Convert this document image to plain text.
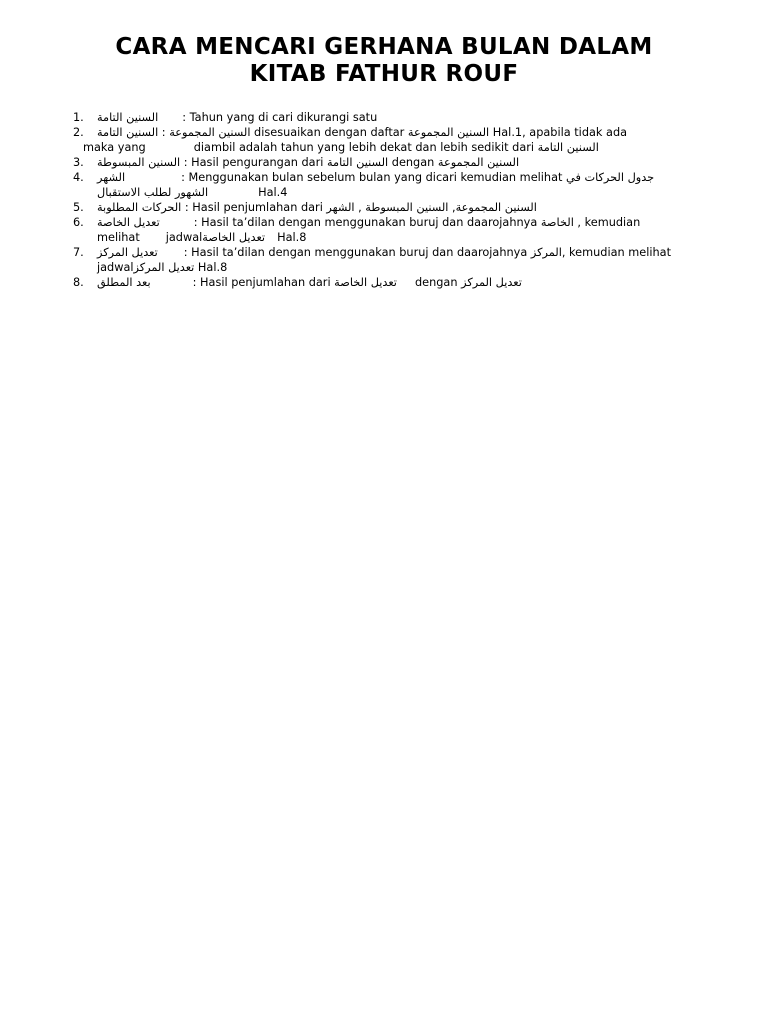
CARA MENCARI GERHANA BULAN DALAM
KITAB FATHUR ROUF
1. السنين التامة : Tahun yang di cari dikurangi satu
2. السنين التامة : السنين المجموعة disesuaikan dengan daftar السنين المجموعة Hal.1, apabila tidak ada
maka yang	diambil adalah tahun yang lebih dekat dan lebih sedikit dari السنين التامة
3. السنين المبسوطة : Hasil pengurangan dari السنين التامة dengan السنين المجموعة
4. الشهر	: Menggunakan bulan sebelum bulan yang dicari kemudian melihat جدول الحركات في
الشهور لطلب الاستقبال	Hal.4
5. الحركات المطلوبة : Hasil penjumlahan dari السنين المجموعة, السنين المبسوطة , الشهر
6. تعديل الخاصة	: Hasil ta’dilan dengan menggunakan buruj dan daarojahnya الخاصة , kemudian
melihat jadwalتعديل الخاصة Hal.8
7. تعديل المركز : Hasil ta’dilan dengan menggunakan buruj dan daarojahnya المركز, kemudian melihat
jadwalتعديل المركز Hal.8
8. بعد المطلق	: Hasil penjumlahan dari تعديل الخاصة dengan تعديل المركز
